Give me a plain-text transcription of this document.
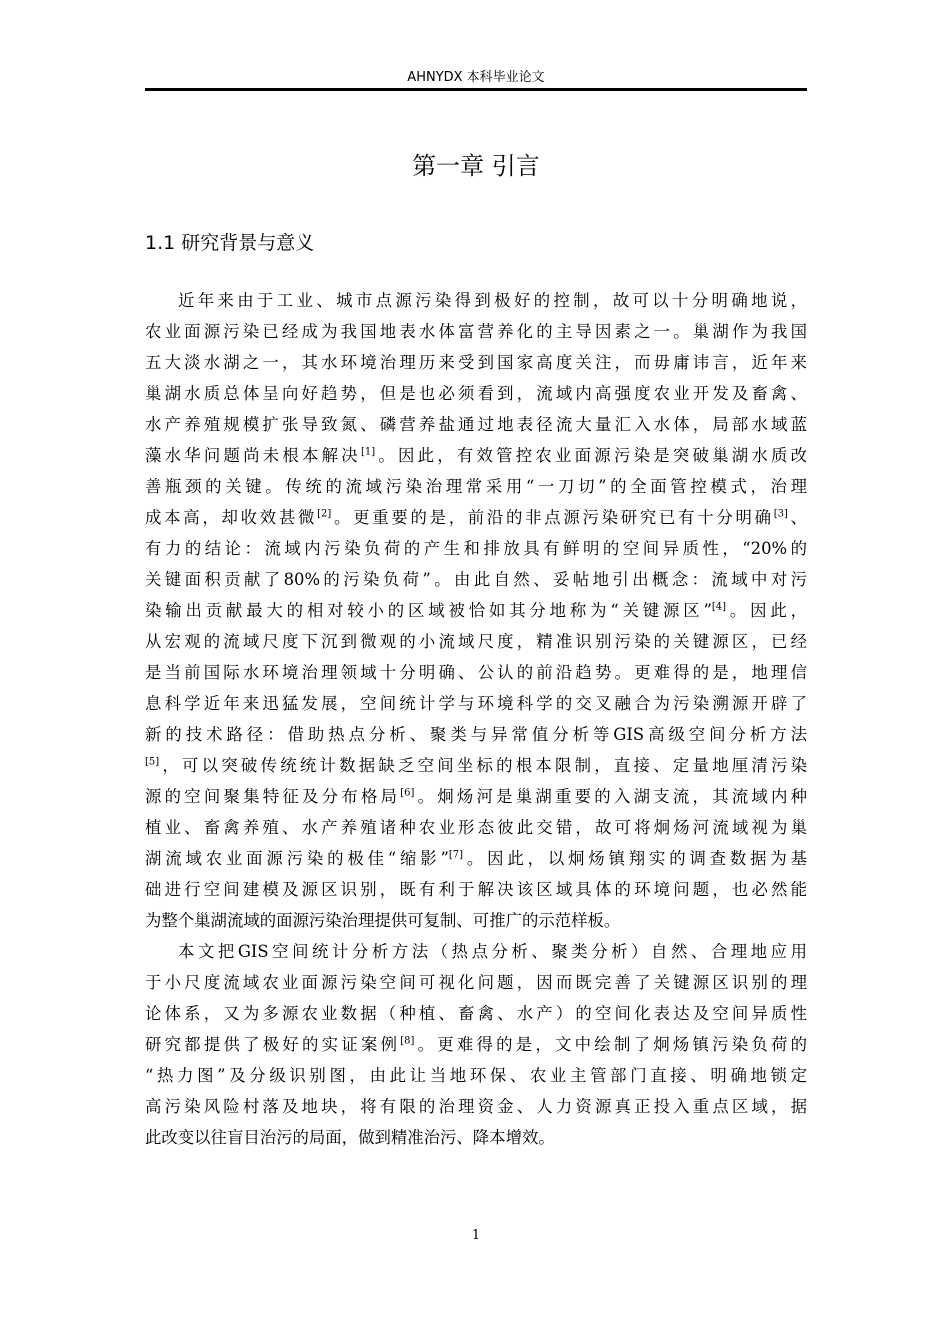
AHNYDX 本科毕业论文
第一章 引言
1.1 研究背景与意义
近年来由于工业、城市点源污染得到极好的控制，故可以十分明确地说，
农业面源污染已经成为我国地表水体富营养化的主导因素之一。巢湖作为我国
五大淡水湖之一，其水环境治理历来受到国家高度关注，而毋庸讳言，近年来
巢湖水质总体呈向好趋势，但是也必须看到，流域内高强度农业开发及畜禽、
水产养殖规模扩张导致氮、磷营养盐通过地表径流大量汇入水体，局部水域蓝
藻水华问题尚未根本解决[1]。因此，有效管控农业面源污染是突破巢湖水质改
善瓶颈的关键。传统的流域污染治理常采用“一刀切”的全面管控模式，治理
成本高，却收效甚微[2]。更重要的是，前沿的非点源污染研究已有十分明确[3]、
有力的结论：流域内污染负荷的产生和排放具有鲜明的空间异质性，“20%的
关键面积贡献了80%的污染负荷”。由此自然、妥帖地引出概念：流域中对污
染输出贡献最大的相对较小的区域被恰如其分地称为“关键源区”[4]。因此，
从宏观的流域尺度下沉到微观的小流域尺度，精准识别污染的关键源区，已经
是当前国际水环境治理领域十分明确、公认的前沿趋势。更难得的是，地理信
息科学近年来迅猛发展，空间统计学与环境科学的交叉融合为污染溯源开辟了
新的技术路径：借助热点分析、聚类与异常值分析等GIS高级空间分析方法
[5]，可以突破传统统计数据缺乏空间坐标的根本限制，直接、定量地厘清污染
源的空间聚集特征及分布格局[6]。炯炀河是巢湖重要的入湖支流，其流域内种
植业、畜禽养殖、水产养殖诸种农业形态彼此交错，故可将炯炀河流域视为巢
湖流域农业面源污染的极佳“缩影”[7]。因此，以炯炀镇翔实的调查数据为基
础进行空间建模及源区识别，既有利于解决该区域具体的环境问题，也必然能
为整个巢湖流域的面源污染治理提供可复制、可推广的示范样板。
本文把GIS空间统计分析方法（热点分析、聚类分析）自然、合理地应用
于小尺度流域农业面源污染空间可视化问题，因而既完善了关键源区识别的理
论体系，又为多源农业数据（种植、畜禽、水产）的空间化表达及空间异质性
研究都提供了极好的实证案例[8]。更难得的是，文中绘制了炯炀镇污染负荷的
“热力图”及分级识别图，由此让当地环保、农业主管部门直接、明确地锁定
高污染风险村落及地块，将有限的治理资金、人力资源真正投入重点区域，据
此改变以往盲目治污的局面，做到精准治污、降本增效。
1
